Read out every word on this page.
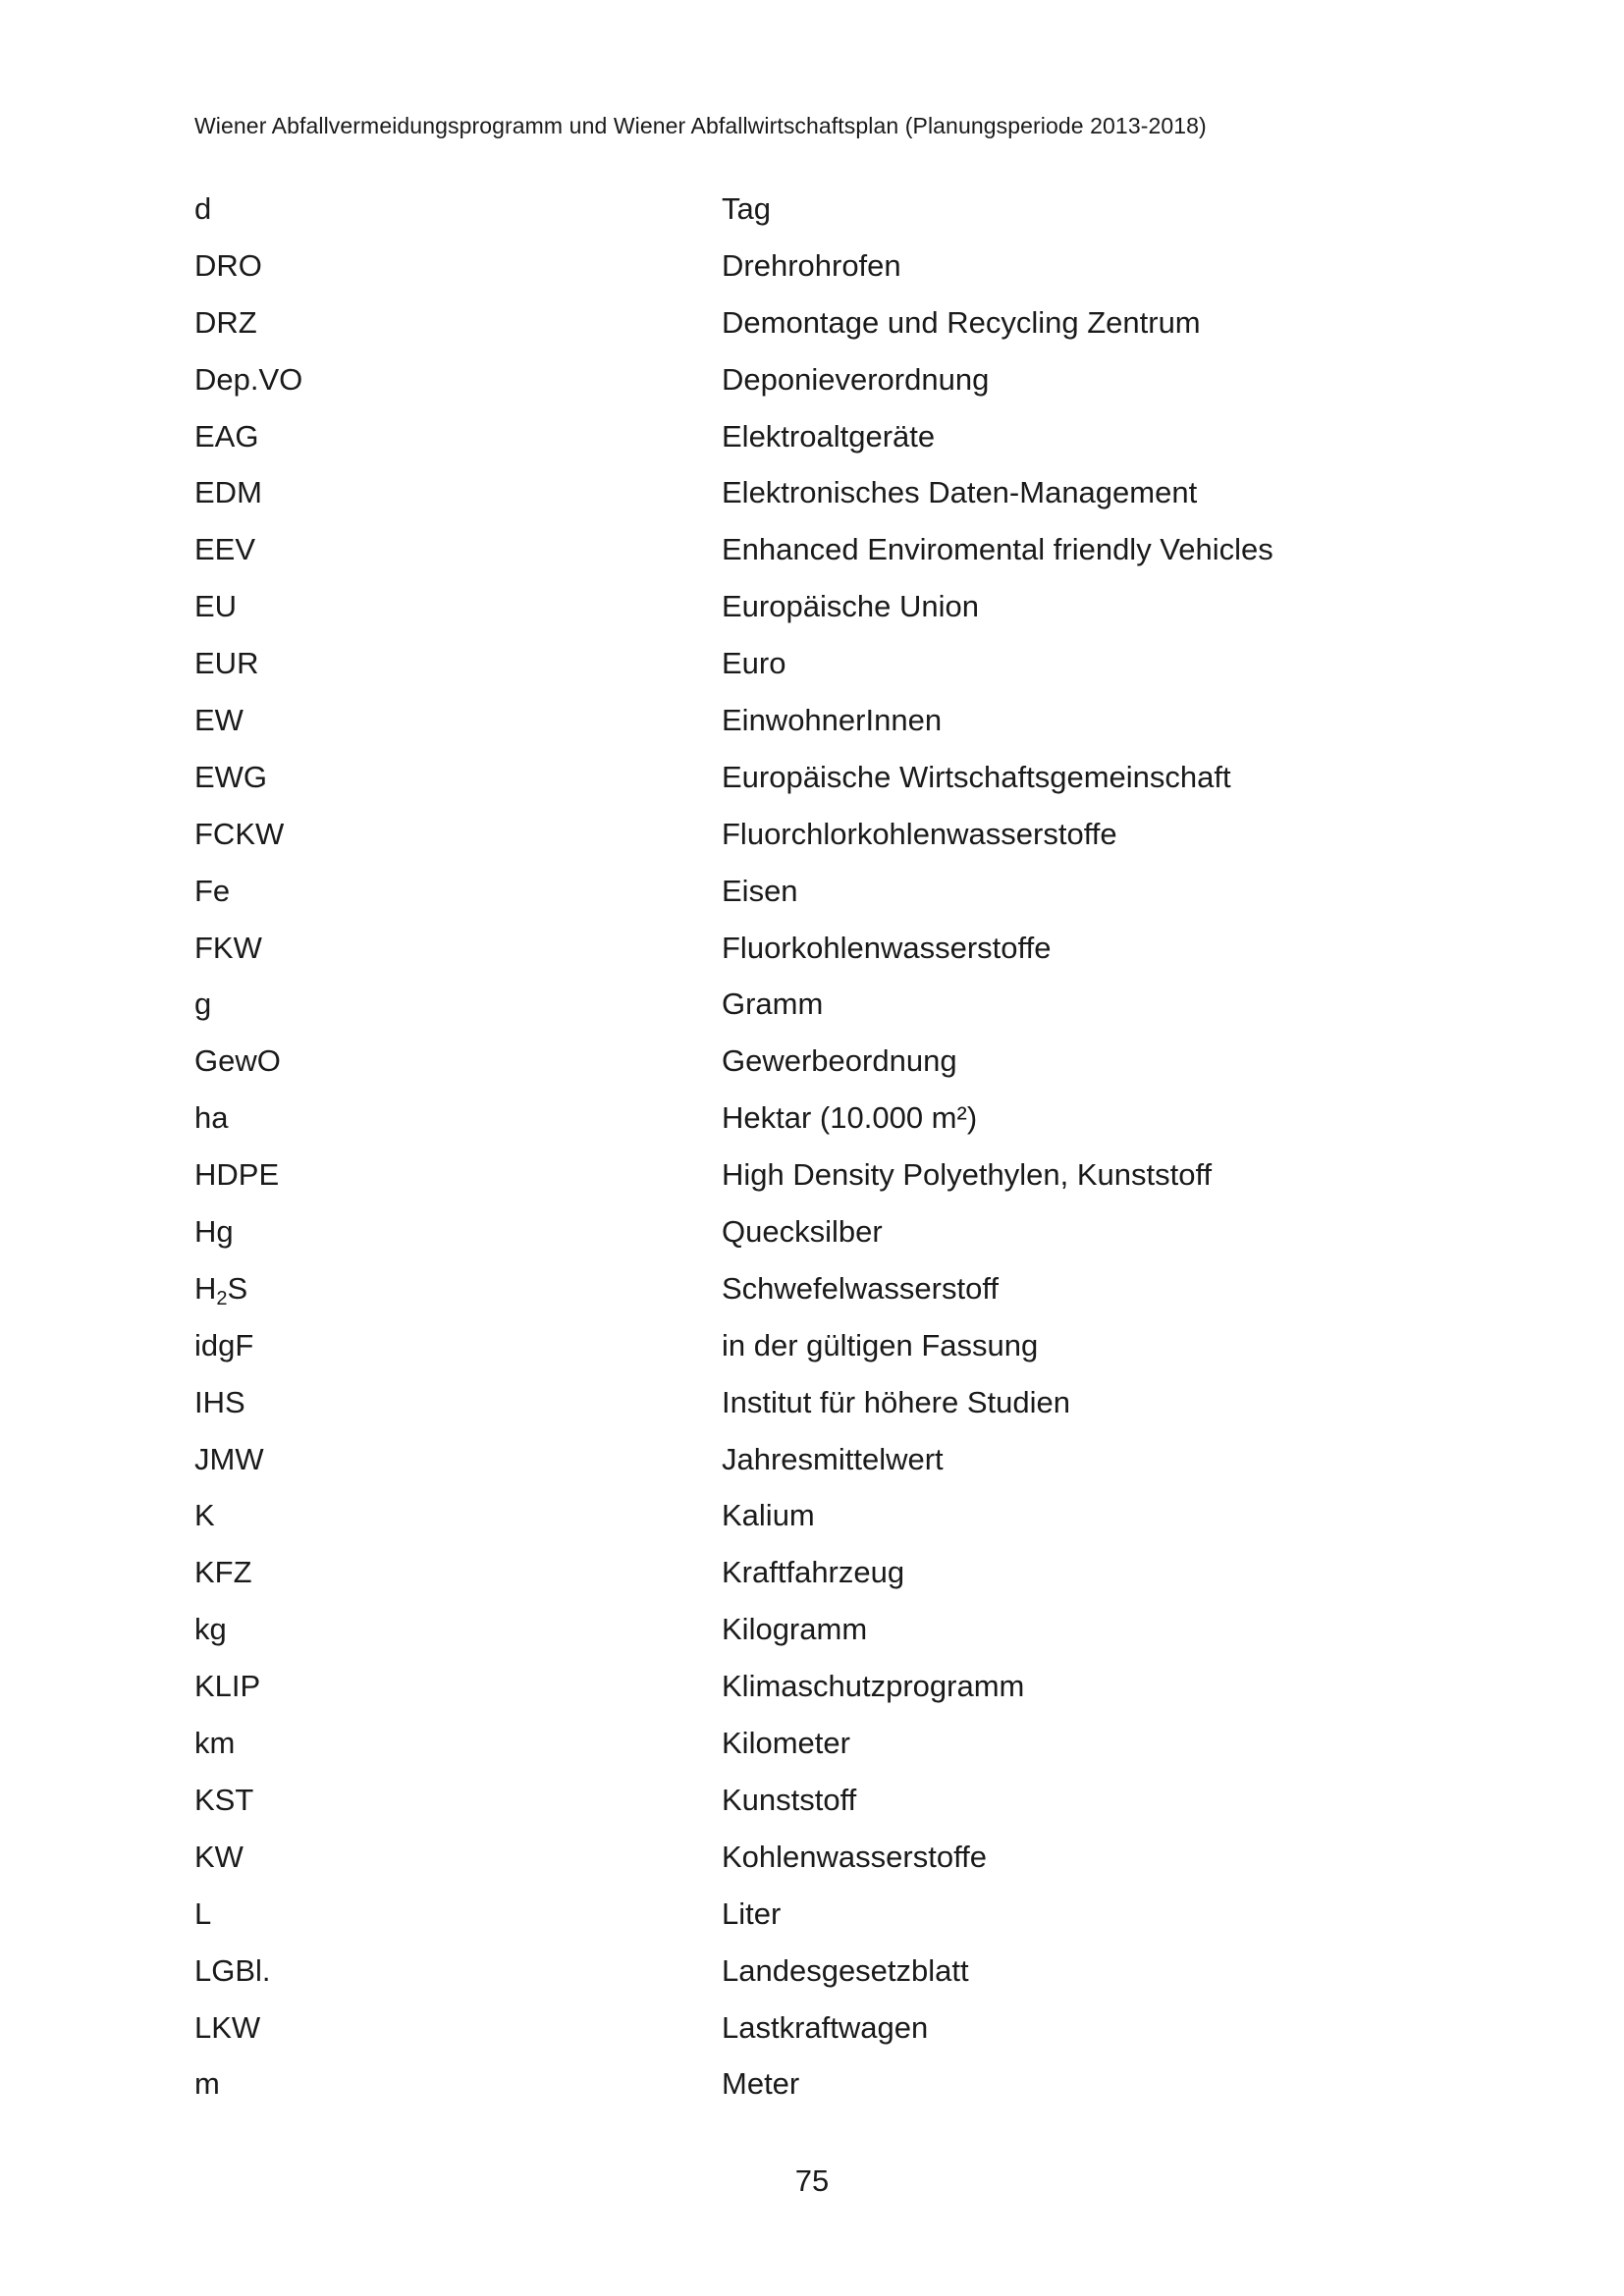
Wiener Abfallvermeidungsprogramm und Wiener Abfallwirtschaftsplan (Planungsperiode 2013-2018)
d	Tag
DRO	Drehrohrofen
DRZ	Demontage und Recycling Zentrum
Dep.VO	Deponieverordnung
EAG	Elektroaltgeräte
EDM	Elektronisches Daten-Management
EEV	Enhanced Enviromental friendly Vehicles
EU	Europäische Union
EUR	Euro
EW	EinwohnerInnen
EWG	Europäische Wirtschaftsgemeinschaft
FCKW	Fluorchlorkohlenwasserstoffe
Fe	Eisen
FKW	Fluorkohlenwasserstoffe
g	Gramm
GewO	Gewerbeordnung
ha	Hektar (10.000 m²)
HDPE	High Density Polyethylen, Kunststoff
Hg	Quecksilber
$H_2S$	Schwefelwasserstoff
idgF	in der gültigen Fassung
IHS	Institut für höhere Studien
JMW	Jahresmittelwert
K	Kalium
KFZ	Kraftfahrzeug
kg	Kilogramm
KLIP	Klimaschutzprogramm
km	Kilometer
KST	Kunststoff
KW	Kohlenwasserstoffe
L	Liter
LGBl.	Landesgesetzblatt
LKW	Lastkraftwagen
m	Meter
75
